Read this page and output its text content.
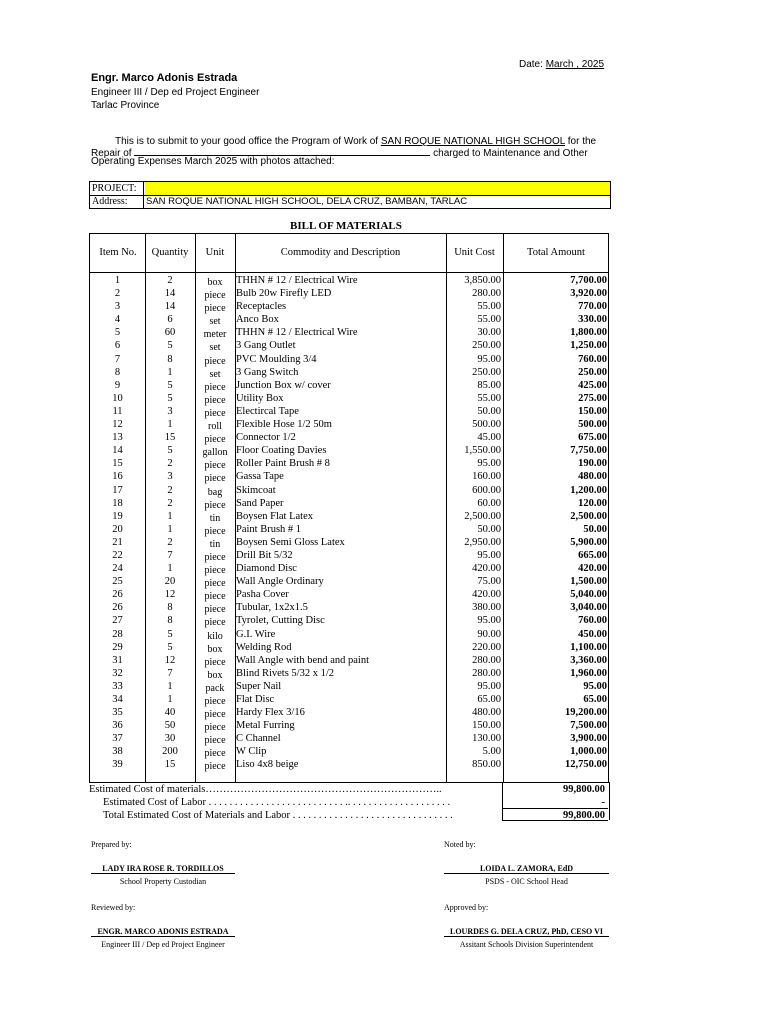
Date: March , 2025
Engr. Marco Adonis Estrada
Engineer III / Dep ed Project Engineer
Tarlac Province
This is to submit to your good office the Program of Work of SAN ROQUE NATIONAL HIGH SCHOOL for the
Repair of	charged to Maintenance and Other
Operating Expenses March 2025 with photos attached:
PROJECT:
Address:	SAN ROQUE NATIONAL HIGH SCHOOL, DELA CRUZ, BAMBAN, TARLAC
BILL OF MATERIALS
Item No.	Quantity	Unit	Commodity and Description	Unit Cost	Total Amount
1	2	box	THHN # 12 / Electrical Wire	3,850.00	7,700.00
2	14	piece Bulb 20w Firefly LED	280.00	3,920.00
3	14	piece Receptacles	55.00	770.00
4	6	set	Anco Box	55.00	330.00
5	60	meter THHN # 12 / Electrical Wire	30.00	1,800.00
6	5	set	3 Gang Outlet	250.00	1,250.00
7	8	piece PVC Moulding 3/4	95.00	760.00
8	1	set	3 Gang Switch	250.00	250.00
9	5	piece Junction Box w/ cover	85.00	425.00
10	5	piece Utility Box	55.00	275.00
11	3	piece Electircal Tape	50.00	150.00
12	1	roll	Flexible Hose 1/2 50m	500.00	500.00
13	15	piece Connector 1/2	45.00	675.00
14	5	gallon Floor Coating Davies	1,550.00	7,750.00
15	2	piece Roller Paint Brush # 8	95.00	190.00
16	3	piece Gassa Tape	160.00	480.00
17	2	bag	Skimcoat	600.00	1,200.00
18	2	piece Sand Paper	60.00	120.00
19	1	tin	Boysen Flat Latex	2,500.00	2,500.00
20	1	piece Paint Brush # 1	50.00	50.00
21	2	tin	Boysen Semi Gloss Latex	2,950.00	5,900.00
22	7	piece Drill Bit 5/32	95.00	665.00
24	1	piece Diamond Disc	420.00	420.00
25	20	piece Wall Angle Ordinary	75.00	1,500.00
26	12	piece Pasha Cover	420.00	5,040.00
26	8	piece Tubular, 1x2x1.5	380.00	3,040.00
27	8	piece Tyrolet, Cutting Disc	95.00	760.00
28	5	kilo	G.I. Wire	90.00	450.00
29	5	box	Welding Rod	220.00	1,100.00
31	12	piece Wall Angle with bend and paint	280.00	3,360.00
32	7	box	Blind Rivets 5/32 x 1/2	280.00	1,960.00
33	1	pack	Super Nail	95.00	95.00
34	1	piece Flat Disc	65.00	65.00
35	40	piece Hardy Flex 3/16	480.00	19,200.00
36	50	piece Metal Furring	150.00	7,500.00
37	30	piece C Channel	130.00	3,900.00
38	200	piece W Clip	5.00	1,000.00
39	15	piece Liso 4x8 beige	850.00	12,750.00
Estimated Cost of materials…………………………………………………………..	99,800.00
Estimated Cost of Labor . . . . . . . . . . . . . . . . . . . . . . . . . . .. . . . . . . . . . . . . . . . . . . .	-
Total Estimated Cost of Materials and Labor . . . . . . . . . . . . . . . . . . . . . . . . . . . . . . .	99,800.00
Prepared by:	Noted by:
LADY IRA ROSE R. TORDILLOS
School Property Custodian
LOIDA L. ZAMORA, EdD
PSDS - OIC School Head
Reviewed by:	Approved by:
ENGR. MARCO ADONIS ESTRADA
Engineer III / Dep ed Project Engineer
LOURDES G. DELA CRUZ, PhD, CESO VI
Assitant Schools Division Superintendent
